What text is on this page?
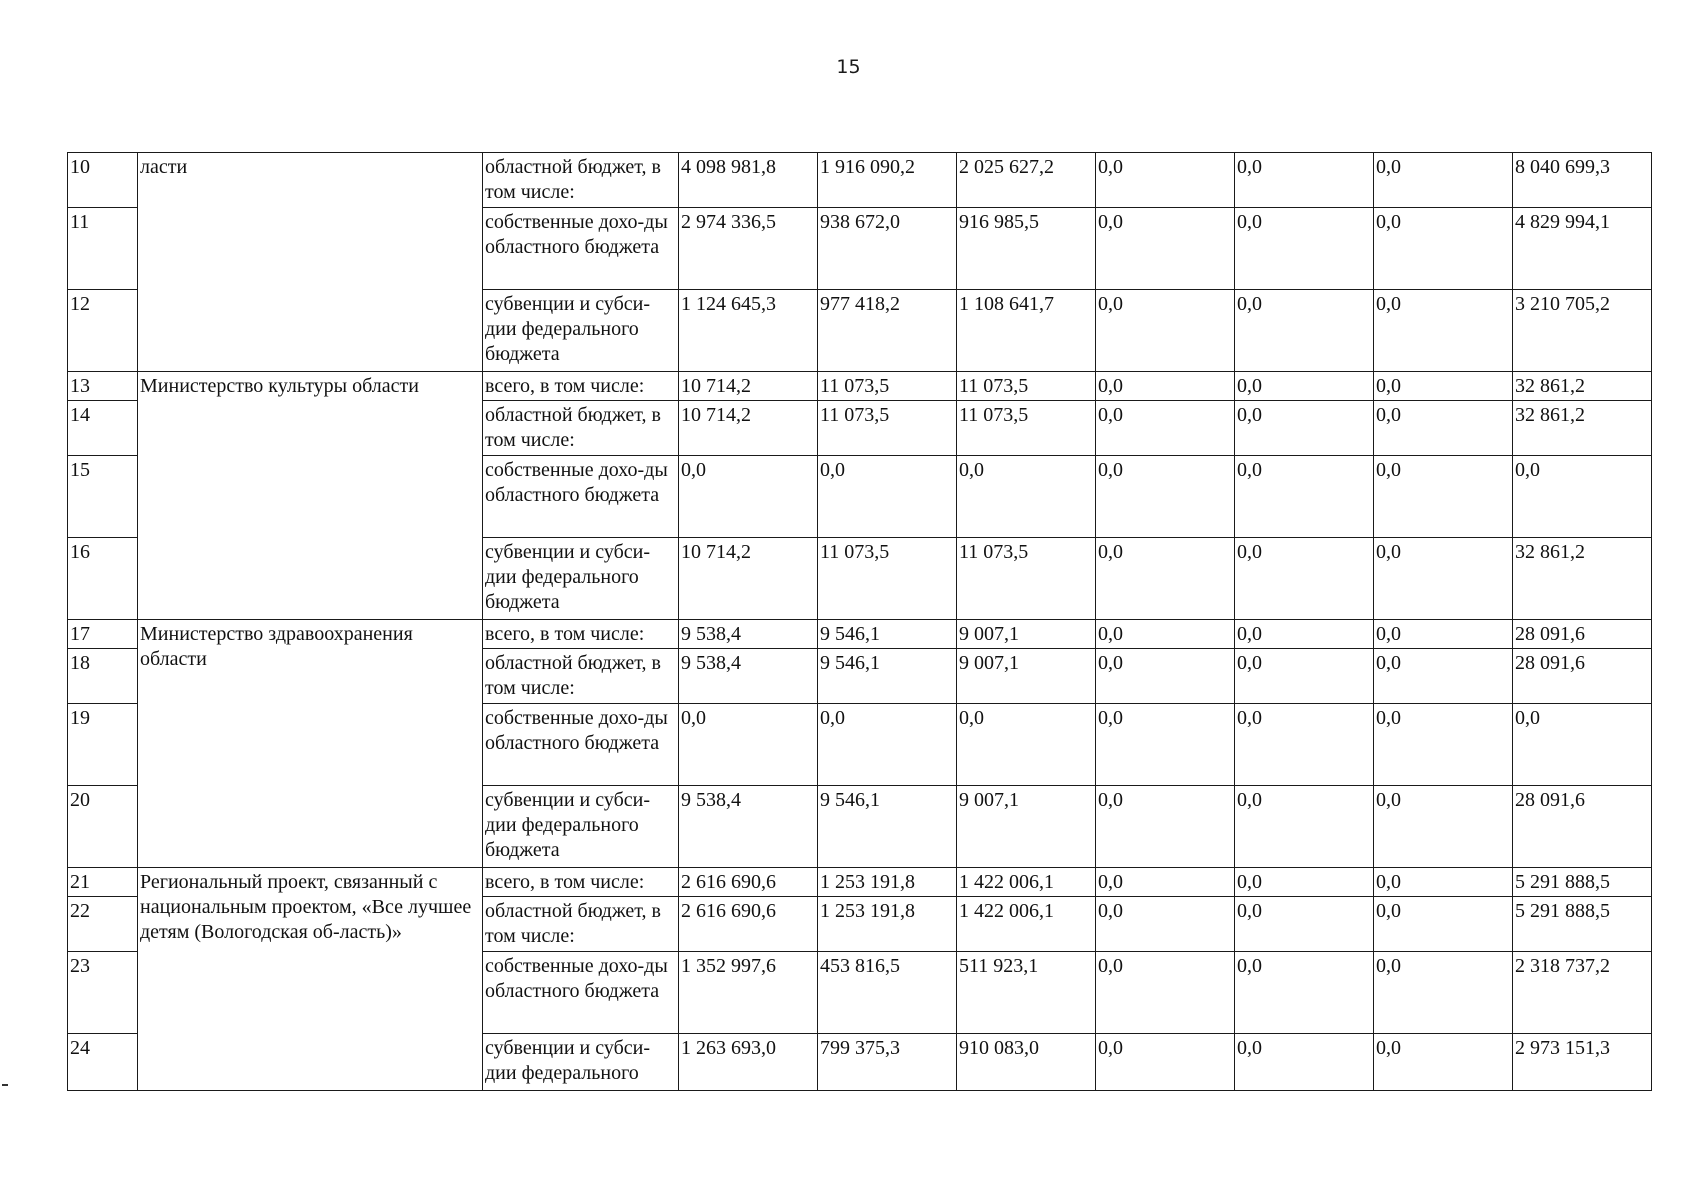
15
10	ласти	областной бюджет, в том числе:	4 098 981,8	1 916 090,2	2 025 627,2	0,0	0,0	0,0	8 040 699,3
11		собственные дохо-ды областного бюджета	2 974 336,5	938 672,0	916 985,5	0,0	0,0	0,0	4 829 994,1
12		субвенции и субси-дии федерального бюджета	1 124 645,3	977 418,2	1 108 641,7	0,0	0,0	0,0	3 210 705,2
13	Министерство культуры области	всего, в том числе:	10 714,2	11 073,5	11 073,5	0,0	0,0	0,0	32 861,2
14		областной бюджет, в том числе:	10 714,2	11 073,5	11 073,5	0,0	0,0	0,0	32 861,2
15		собственные дохо-ды областного бюджета	0,0	0,0	0,0	0,0	0,0	0,0	0,0
16		субвенции и субси-дии федерального бюджета	10 714,2	11 073,5	11 073,5	0,0	0,0	0,0	32 861,2
17	Министерство здравоохранения области	всего, в том числе:	9 538,4	9 546,1	9 007,1	0,0	0,0	0,0	28 091,6
18		областной бюджет, в том числе:	9 538,4	9 546,1	9 007,1	0,0	0,0	0,0	28 091,6
19		собственные дохо-ды областного бюджета	0,0	0,0	0,0	0,0	0,0	0,0	0,0
20		субвенции и субси-дии федерального бюджета	9 538,4	9 546,1	9 007,1	0,0	0,0	0,0	28 091,6
21	Региональный проект, связанный с национальным проектом, «Все лучшее детям (Вологодская об-ласть)»	всего, в том числе:	2 616 690,6	1 253 191,8	1 422 006,1	0,0	0,0	0,0	5 291 888,5
22		областной бюджет, в том числе:	2 616 690,6	1 253 191,8	1 422 006,1	0,0	0,0	0,0	5 291 888,5
23		собственные дохо-ды областного бюджета	1 352 997,6	453 816,5	511 923,1	0,0	0,0	0,0	2 318 737,2
24		субвенции и субси-дии федерального	1 263 693,0	799 375,3	910 083,0	0,0	0,0	0,0	2 973 151,3
